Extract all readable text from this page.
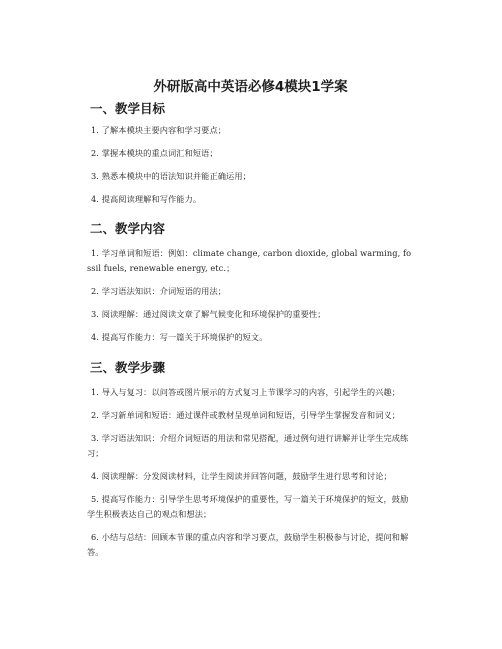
外研版高中英语必修4模块1学案
一、教学目标
1. 了解本模块主要内容和学习要点；
2. 掌握本模块的重点词汇和短语；
3. 熟悉本模块中的语法知识并能正确运用；
4. 提高阅读理解和写作能力。
二、教学内容
1. 学习单词和短语：例如：climate change, carbon dioxide, global warming, fossil fuels, renewable energy, etc.；
2. 学习语法知识：介词短语的用法；
3. 阅读理解：通过阅读文章了解气候变化和环境保护的重要性；
4. 提高写作能力：写一篇关于环境保护的短文。
三、教学步骤
1. 导入与复习：以问答或图片展示的方式复习上节课学习的内容，引起学生的兴趣；
2. 学习新单词和短语：通过课件或教材呈现单词和短语，引导学生掌握发音和词义；
3. 学习语法知识：介绍介词短语的用法和常见搭配，通过例句进行讲解并让学生完成练习；
4. 阅读理解：分发阅读材料，让学生阅读并回答问题，鼓励学生进行思考和讨论；
5. 提高写作能力：引导学生思考环境保护的重要性，写一篇关于环境保护的短文，鼓励学生积极表达自己的观点和想法；
6. 小结与总结：回顾本节课的重点内容和学习要点，鼓励学生积极参与讨论，提问和解答。
